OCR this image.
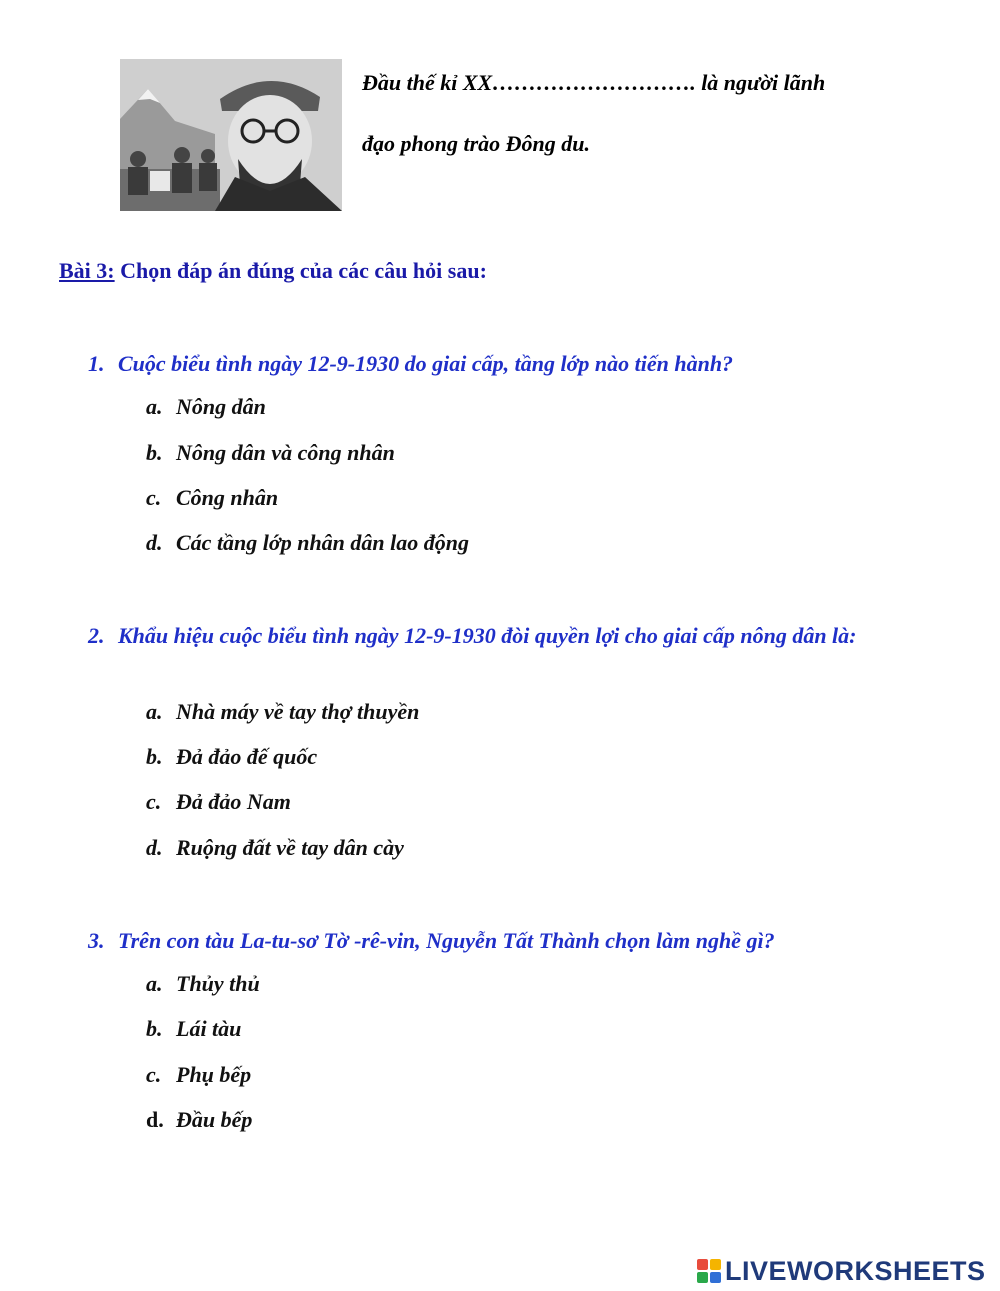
Đầu thế kỉ XX………………………. là người lãnh
đạo phong trào Đông du.
Bài 3: Chọn đáp án đúng của các câu hỏi sau:
1. Cuộc biểu tình ngày 12-9-1930 do giai cấp, tầng lớp nào tiến hành?
a. Nông dân
b. Nông dân và công nhân
c. Công nhân
d. Các tầng lớp nhân dân lao động
2. Khẩu hiệu cuộc biểu tình ngày 12-9-1930 đòi quyền lợi cho giai cấp nông dân là:
a. Nhà máy về tay thợ thuyền
b. Đả đảo đế quốc
c. Đả đảo Nam
d. Ruộng đất về tay dân cày
3. Trên con tàu La-tu-sơ Tờ -rê-vin, Nguyễn Tất Thành chọn làm nghề gì?
a. Thủy thủ
b. Lái tàu
c. Phụ bếp
d. Đầu bếp
LIVEWORKSHEETS
